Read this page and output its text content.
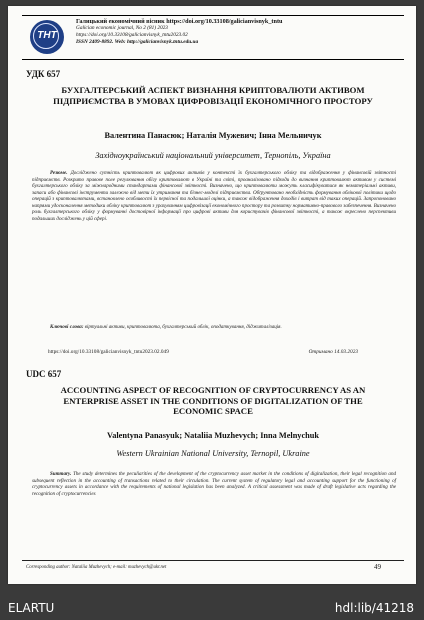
ТНТ
Галицький економічний вісник https://doi.org/10.33108/galicianvisnyk_tntu
Galician economic journal, No 2 (81) 2023
https://doi.org/10.33108/galicianvisnyk_tntu2023.02
ISSN 2409-8892. Web: http://galicianvisnyk.tntu.edu.ua
УДК 657
БУХГАЛТЕРСЬКИЙ АСПЕКТ ВИЗНАННЯ КРИПТОВАЛЮТИ АКТИВОМ ПІДПРИЄМСТВА В УМОВАХ ЦИФРОВІЗАЦІЇ ЕКОНОМІЧНОГО ПРОСТОРУ
Валентина Панасюк; Наталія Мужевич; Інна Мельничук
Західноукраїнський національний університет, Тернопіль, Україна
Резюме. Досліджено сутність криптовалют як цифрових активів у контексті їх бухгалтерського обліку та відображення у фінансовій звітності підприємств. Розкрито правове поле регулювання обігу криптовалют в Україні та світі, проаналізовано підходи до визнання криптовалют активом у системі бухгалтерського обліку за міжнародними стандартами фінансової звітності. Визначено, що криптовалюти можуть класифікуватися як нематеріальні активи, запаси або фінансові інструменти залежно від мети їх утримання та бізнес-моделі підприємства. Обґрунтовано необхідність формування облікової політики щодо операцій з криптовалютами, встановлено особливості їх первісної та подальшої оцінки, а також відображення доходів і витрат від таких операцій. Запропоновано напрями удосконалення методики обліку криптовалют з урахуванням цифровізації економічного простору та розвитку нормативно-правового забезпечення. Визначено роль бухгалтерського обліку у формуванні достовірної інформації про цифрові активи для користувачів фінансової звітності, а також окреслено перспективи подальших досліджень у цій сфері.
Ключові слова: віртуальні активи, криптовалюта, бухгалтерський облік, оподаткування, діджиталізація.
https://doi.org/10.33108/galicianvisnyk_tntu2023.02.049	Отримано 14.03.2023
UDC 657
ACCOUNTING ASPECT OF RECOGNITION OF CRYPTOCURRENCY AS AN ENTERPRISE ASSET IN THE CONDITIONS OF DIGITALIZATION OF THE ECONOMIC SPACE
Valentyna Panasyuk; Nataliia Muzhevych; Inna Melnychuk
Western Ukrainian National University, Ternopil, Ukraine
Summary. The study determines the peculiarities of the development of the cryptocurrency asset market in the conditions of digitalization, their legal recognition and subsequent reflection in the accounting of transactions related to their circulation. The current system of regulatory legal and accounting support for the functioning of cryptocurrency assets in accordance with the requirements of national legislation has been analyzed. A critical assessment was made of draft legislative acts regarding the recognition of cryptocurrencies
Corresponding author: Nataliia Muzhevych; e-mail: muzhevych@ukr.net	49
ELARTU	hdl:lib/41218
